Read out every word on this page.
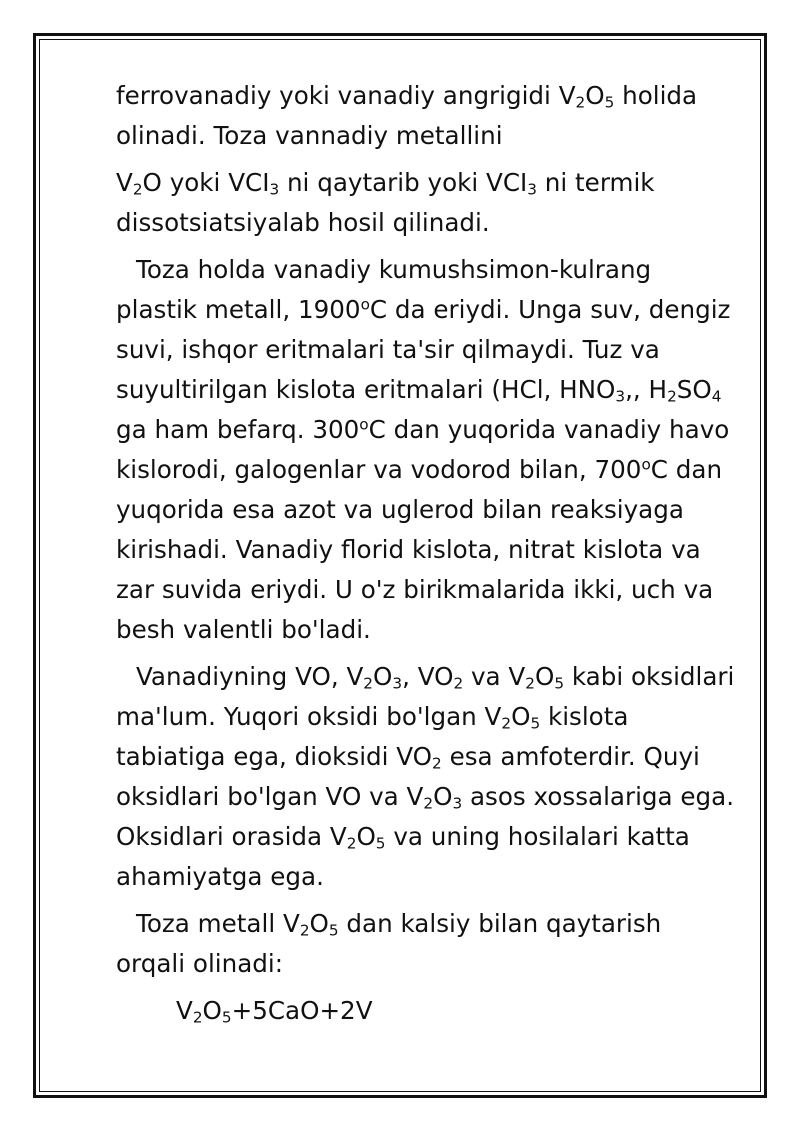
ferrovanadiy yoki vanadiy angrigidi $V_2O_5$ holida
olinadi. Toza vannadiy metallini

$V_2O$ yoki $VCI_3$ ni qaytarib yoki $VCI_3$ ni termik
dissotsiatsiyalab hosil qilinadi.

Toza holda vanadiy kumushsimon-kulrang
plastik metall, 1900$^o$C da eriydi. Unga suv, dengiz
suvi, ishqor eritmalari ta'sir qilmaydi. Tuz va
suyultirilgan kislota eritmalari (HCl, $HNO_3$,, $H_2SO_4$
ga ham befarq. 300$^o$C dan yuqorida vanadiy havo
kislorodi, galogenlar va vodorod bilan, 700$^o$C dan
yuqorida esa azot va uglerod bilan reaksiyaga
kirishadi. Vanadiy florid kislota, nitrat kislota va
zar suvida eriydi. U o'z birikmalarida ikki, uch va
besh valentli bo'ladi.

Vanadiyning VO, $V_2O_3$, $VO_2$ va $V_2O_5$ kabi oksidlari
ma'lum. Yuqori oksidi bo'lgan $V_2O_5$ kislota
tabiatiga ega, dioksidi $VO_2$ esa amfoterdir. Quyi
oksidlari bo'lgan VO va $V_2O_3$ asos xossalariga ega.
Oksidlari orasida $V_2O_5$ va uning hosilalari katta
ahamiyatga ega.

Toza metall $V_2O_5$ dan kalsiy bilan qaytarish
orqali olinadi:

$V_2O_5+5CaO+2V$
